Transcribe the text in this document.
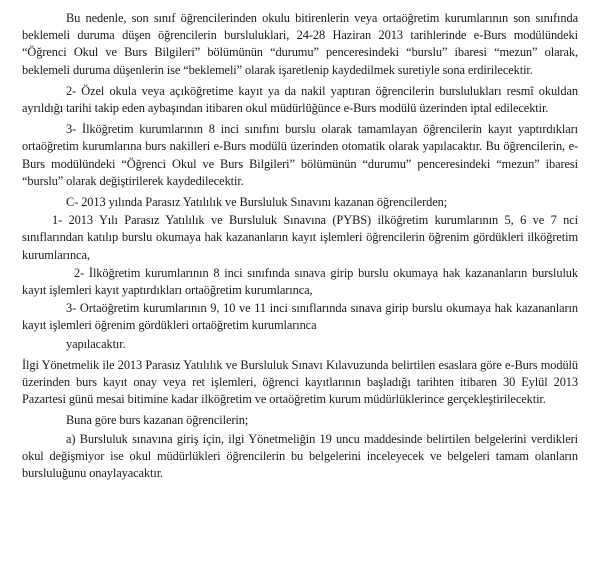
Bu nedenle, son sınıf öğrencilerinden okulu bitirenlerin veya ortaöğretim kurumlarının son sınıfında beklemeli duruma düşen öğrencilerin bursluluklari, 24-28 Haziran 2013 tarihlerinde e-Burs modülündeki “Öğrenci Okul ve Burs Bilgileri” bölümünün “durumu” penceresindeki “burslu” ibaresi “mezun” olarak, beklemeli duruma düşenlerin ise “beklemeli” olarak işaretlenip kaydedilmek suretiyle sona erdirilecektir.

2- Özel okula veya açıköğretime kayıt ya da nakil yaptıran öğrencilerin burslulukları resmî okuldan ayrıldığı tarihi takip eden aybaşından itibaren okul müdürlüğünce e-Burs modülü üzerinden iptal edilecektir.

3- İlköğretim kurumlarının 8 inci sınıfını burslu olarak tamamlayan öğrencilerin kayıt yaptırdıkları ortaöğretim kurumlarına burs nakilleri e-Burs modülü üzerinden otomatik olarak yapılacaktır. Bu öğrencilerin, e-Burs modülündeki “Öğrenci Okul ve Burs Bilgileri” bölümünün “durumu” penceresindeki “mezun” ibaresi “burslu” olarak değiştirilerek kaydedilecektir.

C- 2013 yılında Parasız Yatılılık ve Bursluluk Sınavını kazanan öğrencilerden;

1- 2013 Yılı Parasız Yatılılık ve Bursluluk Sınavına (PYBS) ilköğretim kurumlarının 5, 6 ve 7 nci sınıflarından katılıp burslu okumaya hak kazananların kayıt işlemleri öğrencilerin öğrenim gördükleri ilköğretim kurumlarınca,

2- İlköğretim kurumlarının 8 inci sınıfında sınava girip burslu okumaya hak kazananların bursluluk kayıt işlemleri kayıt yaptırdıkları ortaöğretim kurumlarınca,

3- Ortaöğretim kurumlarının 9, 10 ve 11 inci sınıflarında sınava girip burslu okumaya hak kazananların kayıt işlemleri öğrenim gördükleri ortaöğretim kurumlarınca

yapılacaktır.

İlgi Yönetmelik ile 2013 Parasız Yatılılık ve Bursluluk Sınavı Kılavuzunda belirtilen esaslara göre e-Burs modülü üzerinden burs kayıt onay veya ret işlemleri, öğrenci kayıtlarının başladığı tarihten itibaren 30 Eylül 2013 Pazartesi günü mesai bitimine kadar ilköğretim ve ortaöğretim kurum müdürlüklerince gerçekleştirilecektir.

Buna göre burs kazanan öğrencilerin;

a) Bursluluk sınavına giriş için, ilgi Yönetmeliğin 19 uncu maddesinde belirtilen belgelerini verdikleri okul değişmiyor ise okul müdürlükleri öğrencilerin bu belgelerini inceleyecek ve belgeleri tamam olanların bursluluğunu onaylayacaktır.
